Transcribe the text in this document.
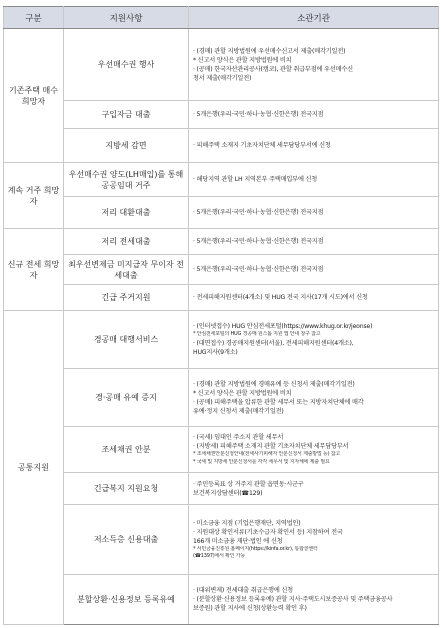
구분	지원사항	소관기관
기존주택 매수 희망자	우선매수권 행사	· (경매) 관할 지방법원에 우선매수신고서 제출(매각기일전)
* 신고서 양식은 관할 지방법원에 비치
· (공매) 한국자산관리공사(캠코), 관할 취급부점에 우선매수신
청서 제출(매각기일전)

	구입자금 대출	· 5개은행(우리·국민·하나·농협·신한은행) 전국지점

	지방세 감면	· 피해주택 소재지 기초자치단체 세무담당부서에 신청

계속 거주 희망자	우선매수권 양도(LH매입)를 통해 공공임대 거주	· 해당지역 관할 LH 지역본부 주택매입부에 신청

	저리 대환대출	· 5개은행(우리·국민·하나·농협·신한은행) 전국지점

신규 전세 희망자	저리 전세대출	· 5개은행(우리·국민·하나·농협·신한은행) 전국지점

	최우선변제금 미지급자 무이자 전세대출	· 5개은행(우리·국민·하나·농협·신한은행) 전국지점

	긴급 주거지원	· 전세피해지원센터(4개소) 및 HUG 전국 지사(17개 시도)에서 신청

공통지원	경공매 대행서비스	· (인터넷접수) HUG 안심전세포털(https://www.khug.or.kr/jeonse)
* 안심전세포털의 HUG 경공매 원스톱 지원 앱 안내 창구 참고
· (대면접수) 경공매지원센터(서울), 전세피해지원센터(4개소),
HUG지사(9개소)

	경·공매 유예 증지	· (경매) 관할 지방법원에 경매유예 등 신청서 제출(매각기일전)
* 신고서 양식은 관할 지방법원에 비치
· (공매) 피해주택을 압류한 관할 세무서 또는 지방자치단체에 매각
유예·정지 신청서 제출(매각기일전)

	조세채권 안분	· (국세) 임대인 주소지 관할 세무서
· (지방세) 피해주택 소재지 관할 기초자치단체 세무담당부서
* 조세채권안분신청안내(전세사기피해자 안분신청서 제출방법 등) 참고
* 국세 및 지방세 안분신청서를 각각 세무서 및 지자체에 제출 필요

	긴급복지 지원요청	· 주민등록표 상 거주지 관할 읍면동·시군구
보건복지상담센터(☎129)

	저소득층 신용대출	· 미소금융 지점 (기업은행재단, 지역법인)
· 지원대상 확인서류(기초수급자 확인서 등) 지참하여 전국
166개 미소금융 재단·법인 에 신청
* 서민금융진흥원 홈페이지(https://kinfa.or.kr), 통합콜센터
(☎1397)에서 확인 가능

	분할상환·신용정보 등록유예	· (대위변제) 전세대출 취급은행에 신청
· (분할상환·신용정보 등록유예) 관할 지사·주택도시보증공사 및 주택금융공사
보증원) 관할 지사에 신청(상환능력 확인 후)
